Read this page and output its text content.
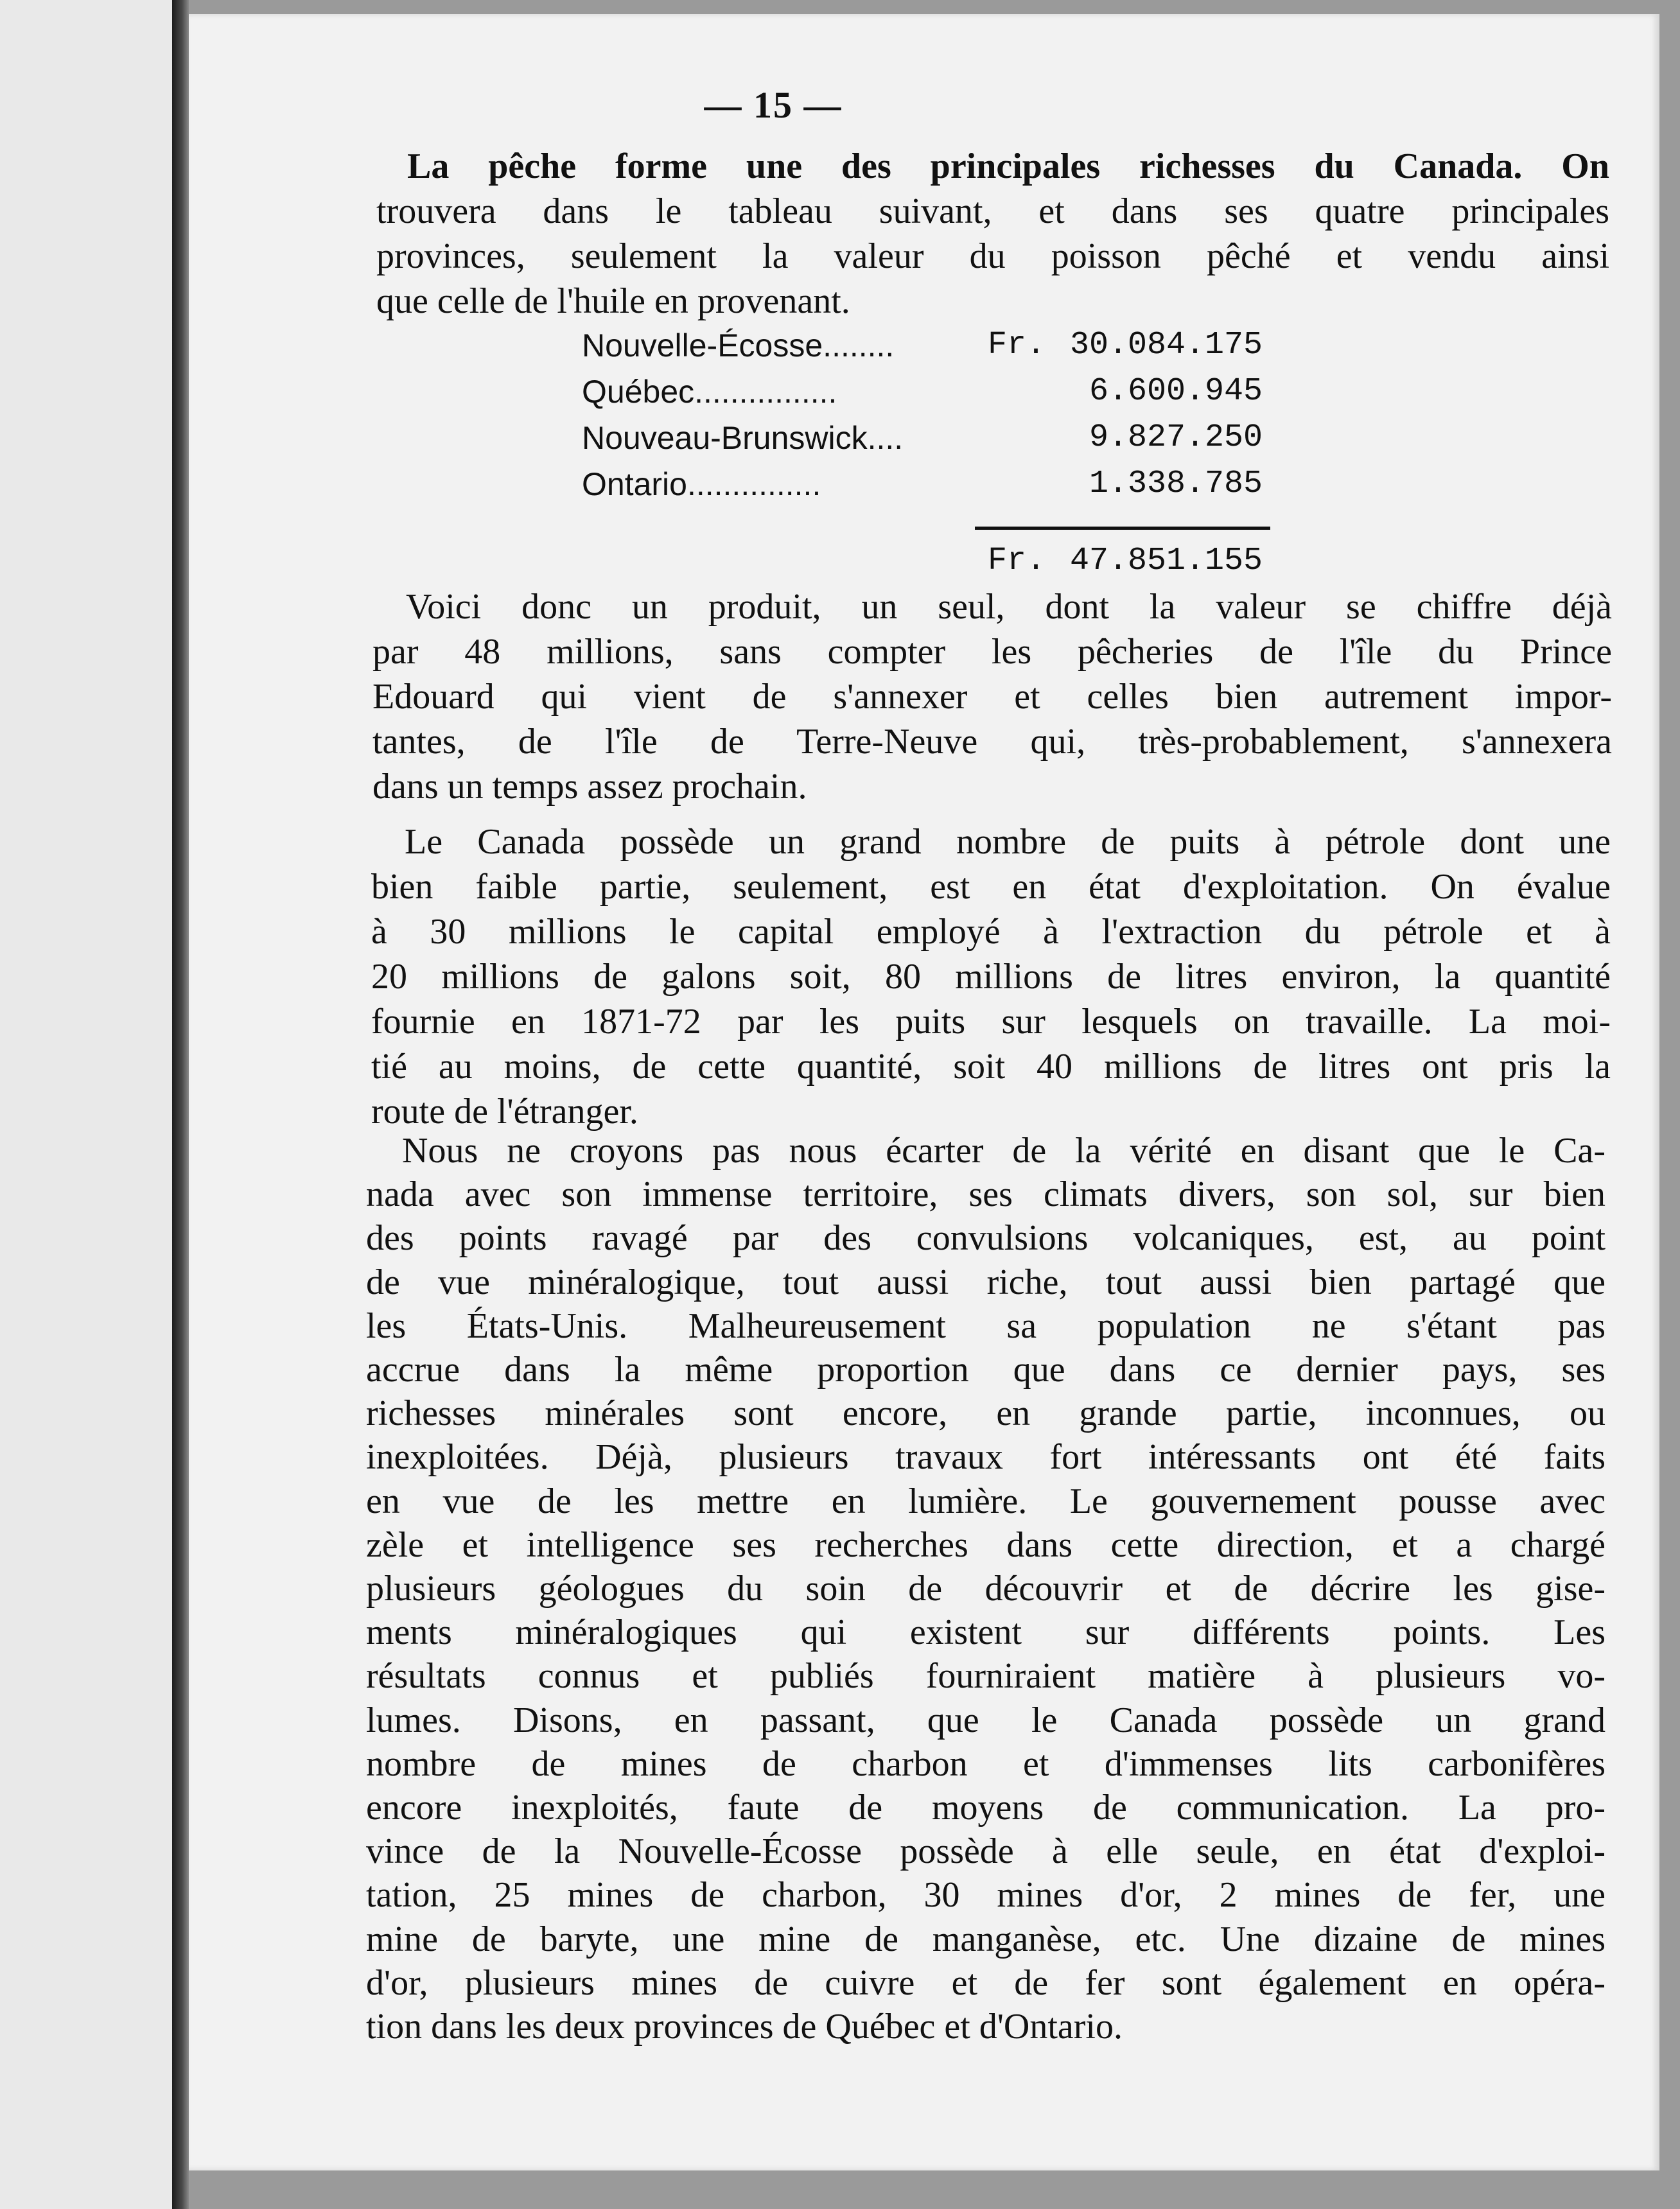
— 15 —
La pêche forme une des principales richesses du Canada. On
trouvera dans le tableau suivant, et dans ses quatre principales
provinces, seulement la valeur du poisson pêché et vendu ainsi
que celle de l'huile en provenant.
Nouvelle-Écosse........	Fr. 30.084.175
Québec................	6.600.945
Nouveau-Brunswick....	9.827.250
Ontario...............	1.338.785
Fr. 47.851.155
Voici donc un produit, un seul, dont la valeur se chiffre déjà
par 48 millions, sans compter les pêcheries de l'île du Prince
Edouard qui vient de s'annexer et celles bien autrement impor-
tantes, de l'île de Terre-Neuve qui, très-probablement, s'annexera
dans un temps assez prochain.
Le Canada possède un grand nombre de puits à pétrole dont une
bien faible partie, seulement, est en état d'exploitation. On évalue
à 30 millions le capital employé à l'extraction du pétrole et à
20 millions de galons soit, 80 millions de litres environ, la quantité
fournie en 1871-72 par les puits sur lesquels on travaille. La moi-
tié au moins, de cette quantité, soit 40 millions de litres ont pris la
route de l'étranger.
Nous ne croyons pas nous écarter de la vérité en disant que le Ca-
nada avec son immense territoire, ses climats divers, son sol, sur bien
des points ravagé par des convulsions volcaniques, est, au point
de vue minéralogique, tout aussi riche, tout aussi bien partagé que
les États-Unis. Malheureusement sa population ne s'étant pas
accrue dans la même proportion que dans ce dernier pays, ses
richesses minérales sont encore, en grande partie, inconnues, ou
inexploitées. Déjà, plusieurs travaux fort intéressants ont été faits
en vue de les mettre en lumière. Le gouvernement pousse avec
zèle et intelligence ses recherches dans cette direction, et a chargé
plusieurs géologues du soin de découvrir et de décrire les gise-
ments minéralogiques qui existent sur différents points. Les
résultats connus et publiés fourniraient matière à plusieurs vo-
lumes. Disons, en passant, que le Canada possède un grand
nombre de mines de charbon et d'immenses lits carbonifères
encore inexploités, faute de moyens de communication. La pro-
vince de la Nouvelle-Écosse possède à elle seule, en état d'exploi-
tation, 25 mines de charbon, 30 mines d'or, 2 mines de fer, une
mine de baryte, une mine de manganèse, etc. Une dizaine de mines
d'or, plusieurs mines de cuivre et de fer sont également en opéra-
tion dans les deux provinces de Québec et d'Ontario.
